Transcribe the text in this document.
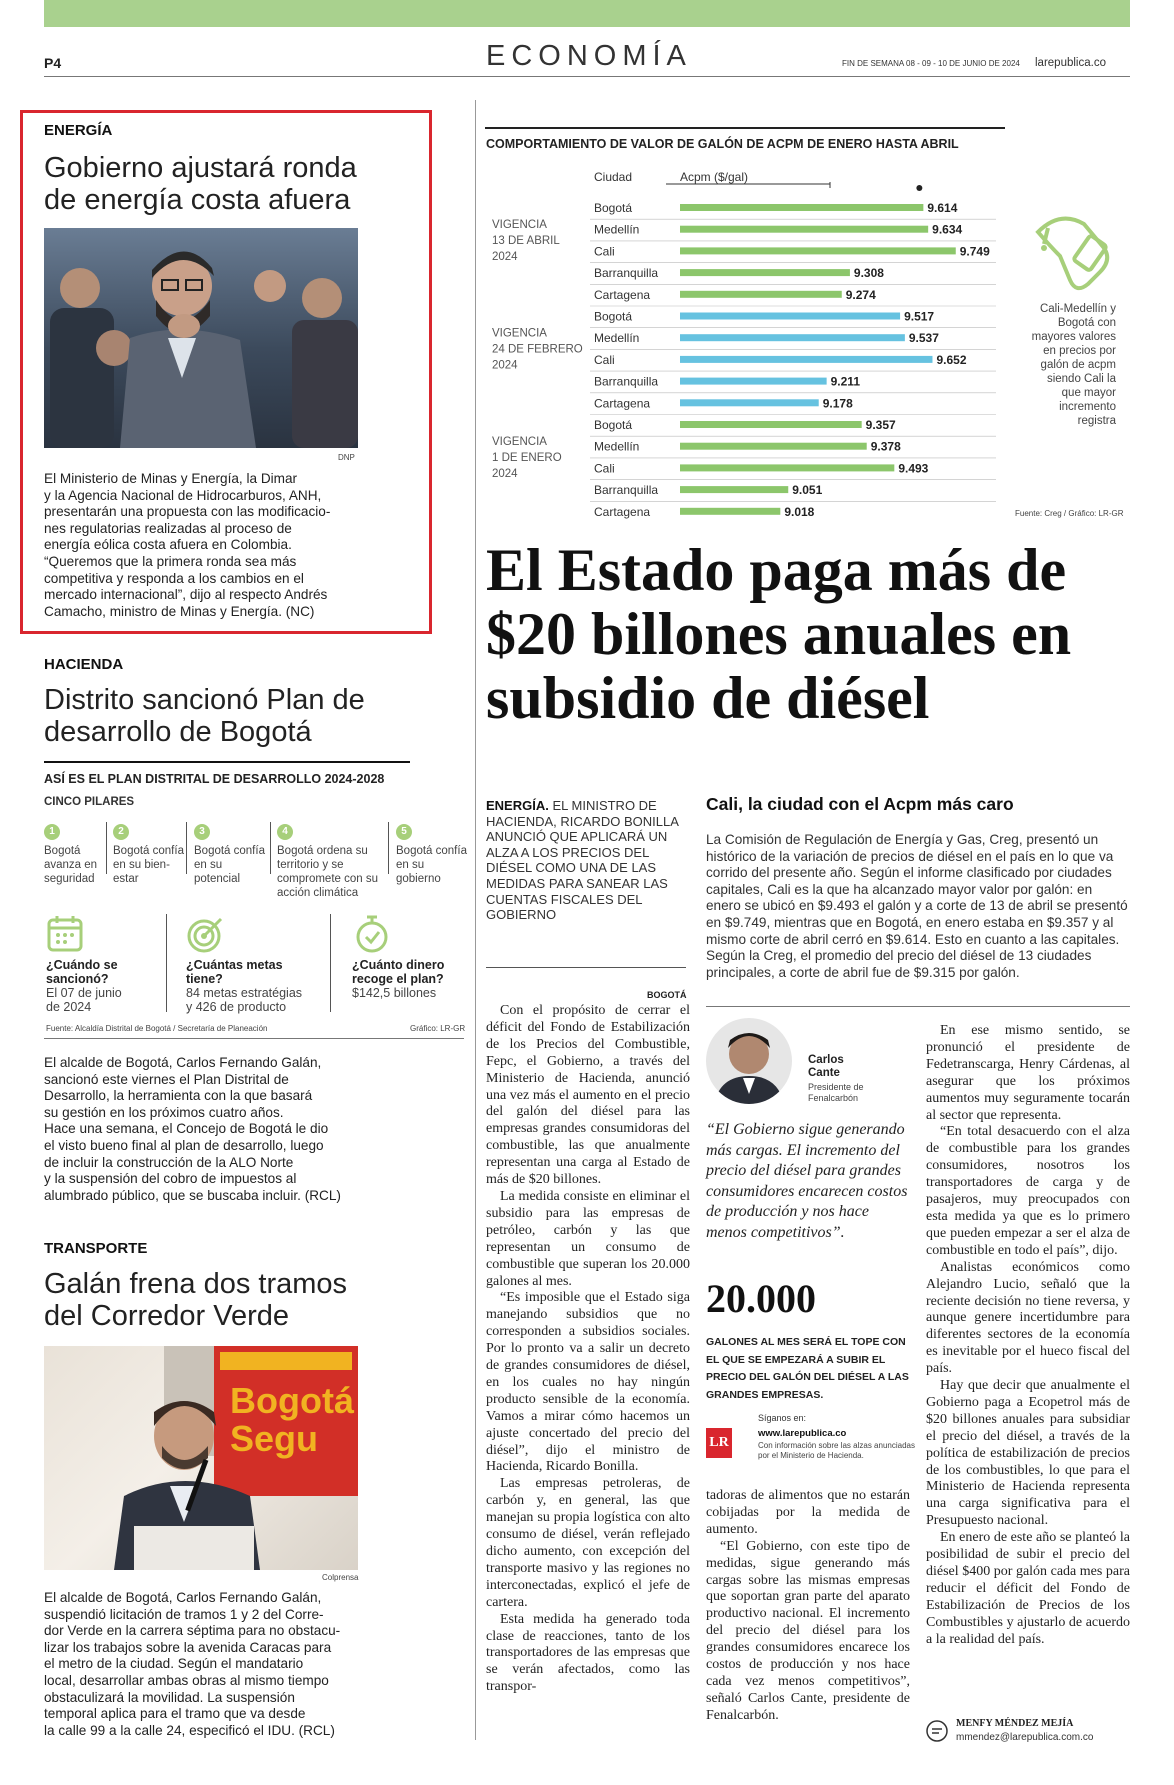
P4	ECONOMÍA	FIN DE SEMANA 08 - 09 - 10 DE JUNIO DE 2024 larepublica.co
ENERGÍA
Gobierno ajustará ronda de energía costa afuera
DNP
El Ministerio de Minas y Energía, la Dimar
y la Agencia Nacional de Hidrocarburos, ANH,
presentarán una propuesta con las modificacio-
nes regulatorias realizadas al proceso de
energía eólica costa afuera en Colombia.
“Queremos que la primera ronda sea más
competitiva y responda a los cambios en el
mercado internacional”, dijo al respecto Andrés
Camacho, ministro de Minas y Energía. (NC)
HACIENDA
Distrito sancionó Plan de desarrollo de Bogotá
ASÍ ES EL PLAN DISTRITAL DE DESARROLLO 2024-2028
CINCO PILARES
1
Bogotá avanza en seguridad
2
Bogotá confía en su bien-estar
3
Bogotá confía en su potencial
4
Bogotá ordena su territorio y se compromete con su acción climática
5
Bogotá confía en su gobierno
¿Cuándo se sancionó?
El 07 de junio de 2024
¿Cuántas metas tiene?
84 metas estratégias y 426 de producto
¿Cuánto dinero recoge el plan?
$142,5 billones
Fuente: Alcaldía Distrital de Bogotá / Secretaría de Planeación	Gráfico: LR-GR
El alcalde de Bogotá, Carlos Fernando Galán,
sancionó este viernes el Plan Distrital de
Desarrollo, la herramienta con la que basará
su gestión en los próximos cuatro años.
Hace una semana, el Concejo de Bogotá le dio
el visto bueno final al plan de desarrollo, luego
de incluir la construcción de la ALO Norte
y la suspensión del cobro de impuestos al
alumbrado público, que se buscaba incluir. (RCL)
TRANSPORTE
Galán frena dos tramos del Corredor Verde
Bogotá Segu
Colprensa
El alcalde de Bogotá, Carlos Fernando Galán,
suspendió licitación de tramos 1 y 2 del Corre-
dor Verde en la carrera séptima para no obstacu-
lizar los trabajos sobre la avenida Caracas para
el metro de la ciudad. Según el mandatario
local, desarrollar ambas obras al mismo tiempo
obstaculizará la movilidad. La suspensión
temporal aplica para el tramo que va desde
la calle 99 a la calle 24, especificó el IDU. (RCL)
COMPORTAMIENTO DE VALOR DE GALÓN DE ACPM DE ENERO HASTA ABRIL
Ciudad	Acpm ($/gal)
VIGENCIA
13 DE ABRIL
2024
Bogotá	9.614
Medellín	9.634
Cali	9.749
Barranquilla	9.308
Cartagena	9.274
VIGENCIA
24 DE FEBRERO
2024
Bogotá	9.517
Medellín	9.537
Cali	9.652
Barranquilla	9.211
Cartagena	9.178
VIGENCIA
1 DE ENERO
2024
Bogotá	9.357
Medellín	9.378
Cali	9.493
Barranquilla	9.051
Cartagena	9.018
Cali-Medellín y Bogotá con mayores valores en precios por galón de acpm siendo Cali la que mayor incremento registra
Fuente: Creg / Gráfico: LR-GR
El Estado paga más de $20 billones anuales en subsidio de diésel
ENERGÍA. EL MINISTRO DE HACIENDA, RICARDO BONILLA ANUNCIÓ QUE APLICARÁ UN ALZA A LOS PRECIOS DEL DIÉSEL COMO UNA DE LAS MEDIDAS PARA SANEAR LAS CUENTAS FISCALES DEL GOBIERNO
Cali, la ciudad con el Acpm más caro
La Comisión de Regulación de Energía y Gas, Creg, presentó un histórico de la variación de precios de diésel en el país en lo que va corrido del presente año. Según el informe clasificado por ciudades capitales, Cali es la que ha alcanzado mayor valor por galón: en enero se ubicó en $9.493 el galón y a corte de 13 de abril se presentó en $9.749, mientras que en Bogotá, en enero estaba en $9.357 y al mismo corte de abril cerró en $9.614. Esto en cuanto a las capitales. Según la Creg, el promedio del precio del diésel de 13 ciudades principales, a corte de abril fue de $9.315 por galón.
BOGOTÁ

Con el propósito de cerrar el déficit del Fondo de Estabilización de los Precios del Combustible, Fepc, el Gobierno, a través del Ministerio de Hacienda, anunció una vez más el aumento en el precio del galón del diésel para las empresas grandes consumidoras del combustible, las que anualmente representan una carga al Estado de más de $20 billones.

La medida consiste en eliminar el subsidio para las empresas de petróleo, carbón y las que representan un consumo de combustible que superan los 20.000 galones al mes.

“Es imposible que el Estado siga manejando subsidios que no corresponden a subsidios sociales. Por lo pronto va a salir un decreto de grandes consumidores de diésel, en los cuales no hay ningún producto sensible de la economía. Vamos a mirar cómo hacemos un ajuste concertado del precio del diésel”, dijo el ministro de Hacienda, Ricardo Bonilla.

Las empresas petroleras, de carbón y, en general, las que manejan su propia logística con alto consumo de diésel, verán reflejado dicho aumento, con excepción del transporte masivo y las regiones no interconectadas, explicó el jefe de cartera.

Esta medida ha generado toda clase de reacciones, tanto de los transportadores de las empresas que se verán afectados, como las transpor-

Carlos Cante
Presidente de Fenalcarbón
“El Gobierno sigue generando más cargas. El incremento del precio del diésel para grandes consumidores encarecen costos de producción y nos hace menos competitivos”.
20.000
GALONES AL MES SERÁ EL TOPE CON EL QUE SE EMPEZARÁ A SUBIR EL PRECIO DEL GALÓN DEL DIÉSEL A LAS GRANDES EMPRESAS.
LR
Síganos en:
www.larepublica.co
Con información sobre las alzas anunciadas por el Ministerio de Hacienda.

tadoras de alimentos que no estarán cobijadas por la medida de aumento.

“El Gobierno, con este tipo de medidas, sigue generando más cargas sobre las mismas empresas que soportan gran parte del aparato productivo nacional. El incremento del precio del diésel para los grandes consumidores encarece los costos de producción y nos hace cada vez menos competitivos”, señaló Carlos Cante, presidente de Fenalcarbón.

En ese mismo sentido, se pronunció el presidente de Fedetranscarga, Henry Cárdenas, al asegurar que los próximos aumentos muy seguramente tocarán al sector que representa.

“En total desacuerdo con el alza de combustible para los grandes consumidores, nosotros los transportadores de carga y de pasajeros, muy preocupados con esta medida ya que es lo primero que pueden empezar a ser el alza de combustible en todo el país”, dijo.

Analistas económicos como Alejandro Lucio, señaló que la reciente decisión no tiene reversa, y aunque genere incertidumbre para diferentes sectores de la economía es inevitable por el hueco fiscal del país.

Hay que decir que anualmente el Gobierno paga a Ecopetrol más de $20 billones anuales para subsidiar el precio del diésel, a través de la política de estabilización de precios de los combustibles, lo que para el Ministerio de Hacienda representa una carga significativa para el Presupuesto nacional.

En enero de este año se planteó la posibilidad de subir el precio del diésel $400 por galón cada mes para reducir el déficit del Fondo de Estabilización de Precios de los Combustibles y ajustarlo de acuerdo a la realidad del país.

MENFY MÉNDEZ MEJÍA
mmendez@larepublica.com.co
